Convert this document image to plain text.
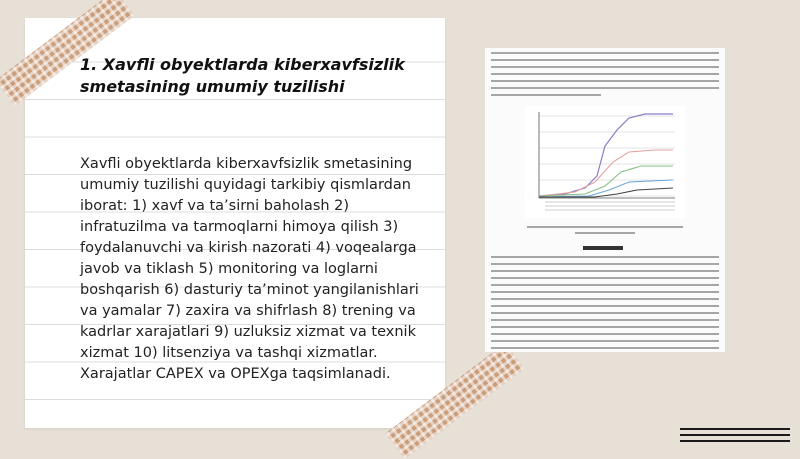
1. Xavfli obyektlarda kiberxavfsizlik smetasining umumiy tuzilishi

Xavfli obyektlarda kiberxavfsizlik smetasining umumiy tuzilishi quyidagi tarkibiy qismlardan iborat: 1) xavf va ta’sirni baholash 2) infratuzilma va tarmoqlarni himoya qilish 3) foydalanuvchi va kirish nazorati 4) voqealarga javob va tiklash 5) monitoring va loglarni boshqarish 6) dasturiy ta’minot yangilanishlari va yamalar 7) zaxira va shifrlash 8) trening va kadrlar xarajatlari 9) uzluksiz xizmat va texnik xizmat 10) litsenziya va tashqi xizmatlar. Xarajatlar CAPEX va OPEXga taqsimlanadi.
